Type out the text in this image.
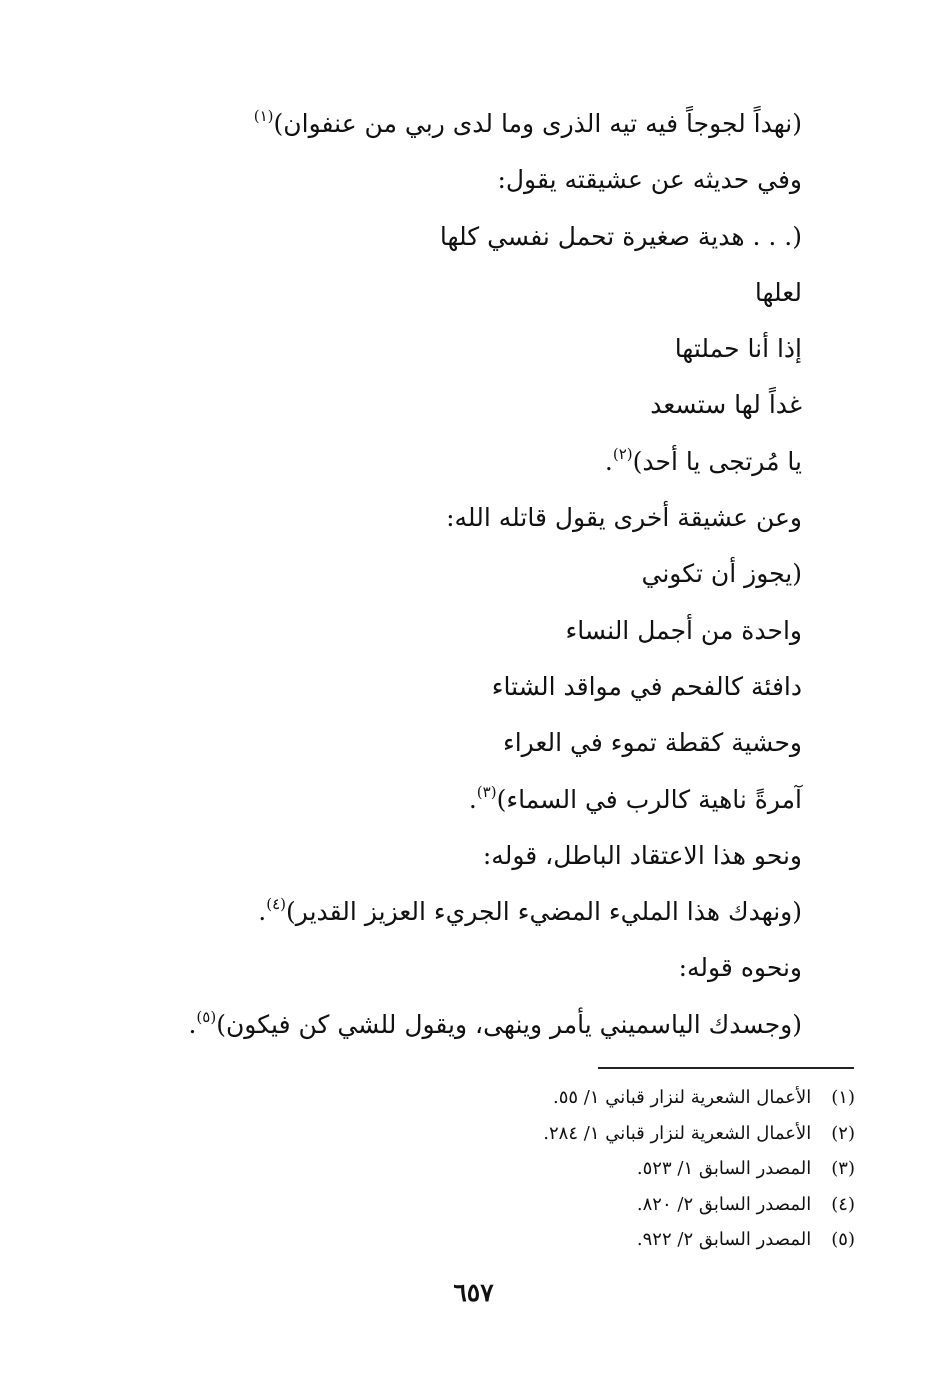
(نهداً لجوجاً فيه تيه الذرى وما لدى ربي من عنفوان)$^{(١)}$
وفي حديثه عن عشيقته يقول:
(. . . هدية صغيرة تحمل نفسي كلها
لعلها
إذا أنا حملتها
غداً لها ستسعد
يا مُرتجى يا أحد)$^{(٢)}$.
وعن عشيقة أخرى يقول قاتله الله:
(يجوز أن تكوني
واحدة من أجمل النساء
دافئة كالفحم في مواقد الشتاء
وحشية كقطة تموء في العراء
آمرةً ناهية كالرب في السماء)$^{(٣)}$.
ونحو هذا الاعتقاد الباطل، قوله:
(ونهدك هذا المليء المضيء الجريء العزيز القدير)$^{(٤)}$.
ونحوه قوله:
(وجسدك الياسميني يأمر وينهى، ويقول للشي كن فيكون)$^{(٥)}$.
(١) الأعمال الشعرية لنزار قباني ١/ ٥٥.
(٢) الأعمال الشعرية لنزار قباني ١/ ٢٨٤.
(٣) المصدر السابق ١/ ٥٢٣.
(٤) المصدر السابق ٢/ ٨٢٠.
(٥) المصدر السابق ٢/ ٩٢٢.
٦٥٧
